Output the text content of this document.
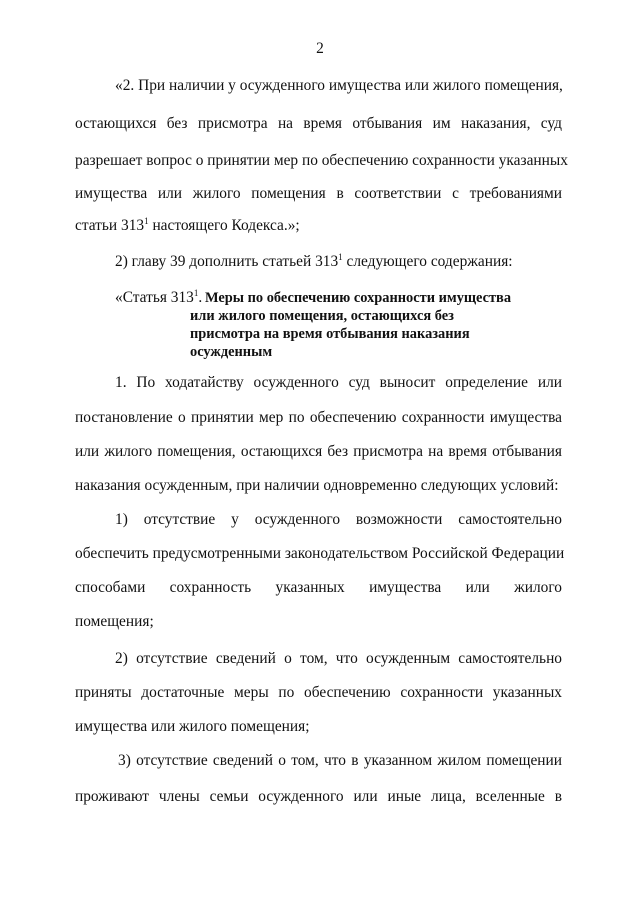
2
«2. При наличии у осужденного имущества или жилого помещения,
остающихся без присмотра на время отбывания им наказания, суд
разрешает вопрос о принятии мер по обеспечению сохранности указанных
имущества или жилого помещения в соответствии с требованиями
статьи $313^1$ настоящего Кодекса.»;
2) главу 39 дополнить статьей $313^1$ следующего содержания:
«Статья $313^1$. Меры по обеспечению сохранности имущества
или жилого помещения, остающихся без
присмотра на время отбывания наказания
осужденным
1. По ходатайству осужденного суд выносит определение или
постановление о принятии мер по обеспечению сохранности имущества
или жилого помещения, остающихся без присмотра на время отбывания
наказания осужденным, при наличии одновременно следующих условий:
1) отсутствие у осужденного возможности самостоятельно
обеспечить предусмотренными законодательством Российской Федерации
способами сохранность указанных имущества или жилого
помещения;
2) отсутствие сведений о том, что осужденным самостоятельно
приняты достаточные меры по обеспечению сохранности указанных
имущества или жилого помещения;
3) отсутствие сведений о том, что в указанном жилом помещении
проживают члены семьи осужденного или иные лица, вселенные в
